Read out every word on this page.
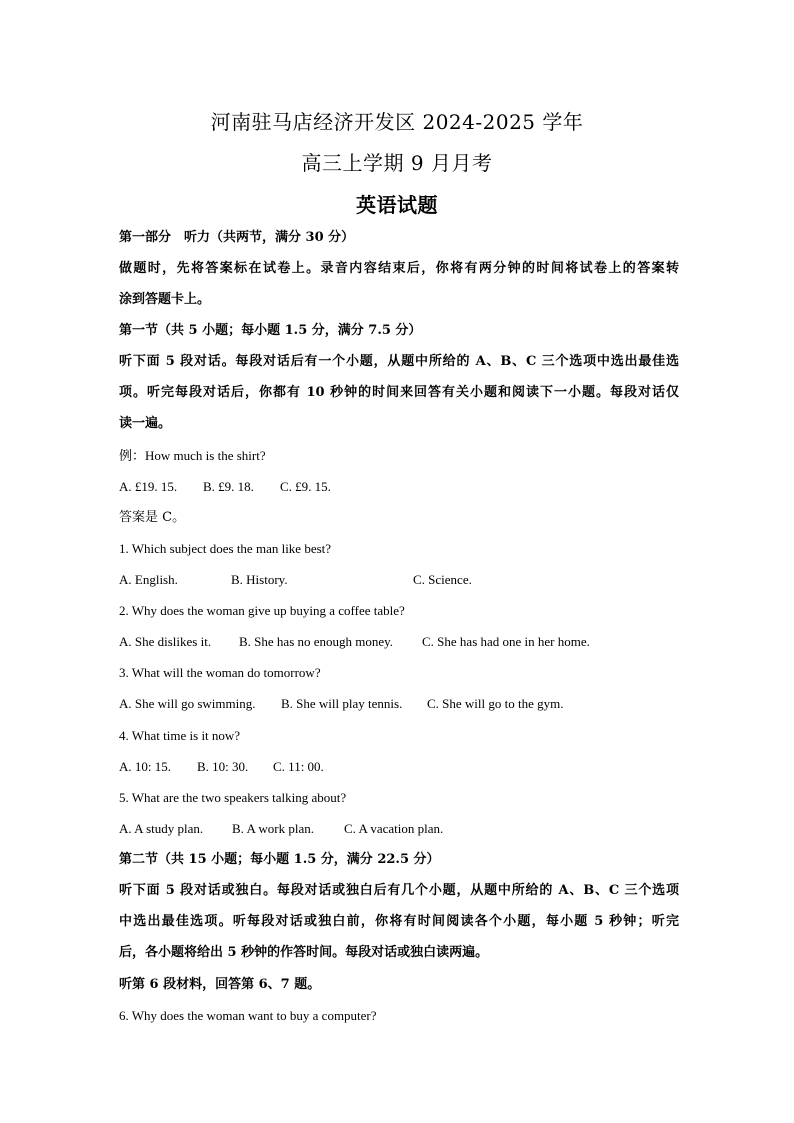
河南驻马店经济开发区 2024-2025 学年
高三上学期 9 月月考
英语试题
第一部分　听力（共两节，满分 30 分）
做题时，先将答案标在试卷上。录音内容结束后，你将有两分钟的时间将试卷上的答案转
涂到答题卡上。
第一节（共 5 小题；每小题 1.5 分，满分 7.5 分）
听下面 5 段对话。每段对话后有一个小题，从题中所给的 A、B、C 三个选项中选出最佳选
项。听完每段对话后，你都有 10 秒钟的时间来回答有关小题和阅读下一小题。每段对话仅
读一遍。
例：How much is the shirt?
A. £19. 15. B. £9. 18. C. £9. 15.
答案是 C。
1. Which subject does the man like best?
A. English.	B. History.	C. Science.
2. Why does the woman give up buying a coffee table?
A. She dislikes it. B. She has no enough money. C. She has had one in her home.
3. What will the woman do tomorrow?
A. She will go swimming. B. She will play tennis. C. She will go to the gym.
4. What time is it now?
A. 10: 15. B. 10: 30. C. 11: 00.
5. What are the two speakers talking about?
A. A study plan. B. A work plan. C. A vacation plan.
第二节（共 15 小题；每小题 1.5 分，满分 22.5 分）
听下面 5 段对话或独白。每段对话或独白后有几个小题，从题中所给的 A、B、C 三个选项
中选出最佳选项。听每段对话或独白前，你将有时间阅读各个小题，每小题 5 秒钟；听完
后，各小题将给出 5 秒钟的作答时间。每段对话或独白读两遍。
听第 6 段材料，回答第 6、7 题。
6. Why does the woman want to buy a computer?
